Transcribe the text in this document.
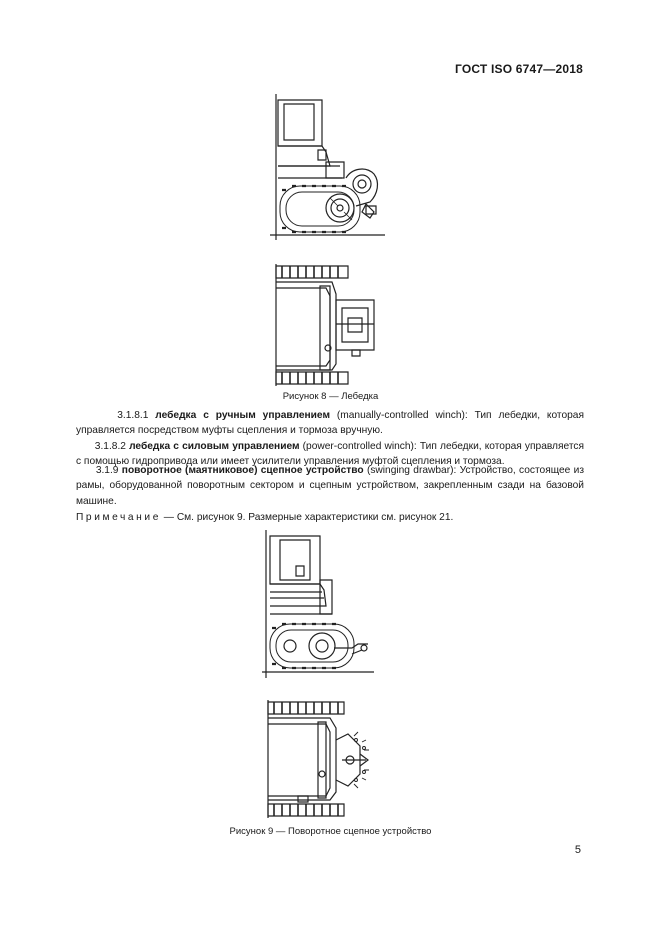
ГОСТ ISO 6747—2018
Рисунок 8 — Лебедка
3.1.8.1 лебедка с ручным управлением (manually-controlled winch): Тип лебедки, которая управляется посредством муфты сцепления и тормоза вручную.
3.1.8.2 лебедка с силовым управлением (power-controlled winch): Тип лебедки, которая управляется с помощью гидропривода или имеет усилители управления муфтой сцепления и тормоза.
3.1.9 поворотное (маятниковое) сцепное устройство (swinging drawbar): Устройство, состоящее из рамы, оборудованной поворотным сектором и сцепным устройством, закрепленным сзади на базовой машине.
Примечание — См. рисунок 9. Размерные характеристики см. рисунок 21.
Рисунок 9 — Поворотное сцепное устройство
5
